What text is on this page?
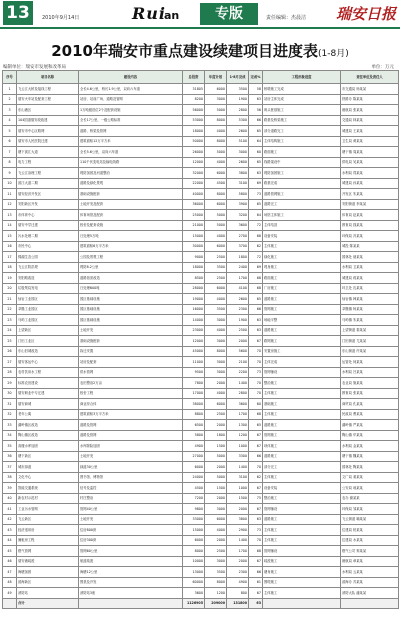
13	2010年9月14日	Rui
an	专版	责任编辑：杰晨洁	瑞安日报
2010年瑞安市重点建设续建项目进度表(1-8月)
编制单位：瑞安市发展和改革局	单位：万元
序号	项目名称	建设内容	总投资	年度计划	1-8月完成	完成%	工程形象进度	责任单位及责任人
1	飞云江大桥及接线工程	全长4.6公里，桥长1.9公里，双向六车道	31805	6000	3500	58	桥墩施工完成	市交通局 杨某某
2	瑞安火车站及配套工程	站房、站前广场、道路及管网	8200	3000	1900	63	站房主体完成	铁路办 陈某某
3	东山港区	1万吨级泊位2个及配套设施	56000	5000	2800	56	码头桩基施工	港航局 张某某
4	104国道瑞安段改建	全长17公里，一级公路标准	53000	8000	5300	66	路基及桥梁施工	交通局 林某某
5	瑞安市中心区路网	道路、桥梁及管网	18000	4000	2600	65	部分道路完工	城建局 王某某
6	瑞安市人民医院迁建	建筑面积12万平方米	50000	8000	5100	64	主体结构施工	卫生局 黄某某
7	塘下滨江大道	全长5.6公里，双向六车道	26000	5000	3000	60	路面施工	塘下镇 周某某
8	电力工程	110千伏变电站及输电线路	12000	4000	2600	65	线路架设中	供电局 吴某某
9	飞云江治理工程	堤防加固及河道整治	32000	6000	3800	63	堤防加固施工	水利局 郑某某
10	滨江大道二期	道路及绿化景观	22000	4500	3100	69	路基完成	城建局 孙某某
11	瑞安经济开发区	基础设施配套	40000	8000	5800	73	道路管网施工	开发区 朱某某
12	安阳新区开发	土地开发及配套	36000	6000	3900	65	道路完工	安阳街道 李某某
13	市体育中心	体育场馆及配套	25000	5000	3200	64	场馆主体施工	体育局 赵某某
14	瑞安中学迁建	校舍及配套设施	21000	5000	3600	72	主体结顶	教育局 钱某某
15	污水处理二期	日处理5万吨	15000	4000	2700	68	设备安装	环保局 冯某某
16	市民中心	建筑面积6万平方米	30000	6000	3700	62	主体施工	城投 陈某某
17	锦湖生态公园	公园及景观工程	9000	2500	1800	72	绿化施工	园林处 褚某某
18	飞云江防洪堤	堤防8.2公里	18000	3500	2400	69	堤身施工	水利局 卫某某
19	安阳路改造	道路拓宽改造	8500	2500	1700	68	路面施工	城建局 蒋某某
20	垃圾焚烧发电	日处理600吨	28000	6000	4100	68	厂房施工	环卫处 沈某某
21	仙岩工业园区	园区基础设施	19000	4000	2600	65	道路施工	仙岩镇 韩某某
22	莘塍工业园区	园区基础设施	16000	3500	2300	66	管网施工	莘塍镇 杨某某
23	马屿工业园区	园区基础设施	14000	3000	1900	63	场地平整	马屿镇 朱某某
24	上望新区	土地开发	23000	4000	2500	63	道路施工	上望街道 秦某某
25	汀田工业区	基础设施配套	12000	3000	2000	67	路网施工	汀田街道 尤某某
26	东山旧城改造	拆迁安置	45000	8000	5600	70	安置房施工	东山街道 许某某
27	瑞安客运中心	站房及配套	11000	3000	2100	70	主体完成	运管处 何某某
28	农村饮用水工程	供水管网	9500	3000	2200	73	管网铺设	水利局 吕某某
29	标准农田建设	农田整治2万亩	7800	2000	1400	70	整治施工	农业局 施某某
30	瑞安职业中专迁建	校舍工程	17000	4000	2800	70	主体施工	教育局 张某某
31	瑞安商城	商业综合体	38000	6000	3600	60	基础施工	商贸局 孔某某
32	老年公寓	建筑面积3万平方米	8800	2500	1700	68	主体施工	民政局 曹某某
33	湖岭镇区改造	道路及管网	6500	2000	1300	65	道路施工	湖岭镇 严某某
34	陶山镇区改造	道路及管网	5800	1800	1200	67	管网施工	陶山镇 华某某
35	高楼水库加固	水库除险加固	4900	1500	1000	67	坝体施工	水利局 金某某
36	塘下新区	土地开发	27000	5000	3300	66	道路施工	塘下镇 魏某某
37	城市绿道	绿道30公里	6000	2000	1400	70	部分完工	园林处 陶某某
38	文化中心	图书馆、博物馆	24000	5000	3100	62	主体施工	文广局 姜某某
39	智能交通系统	信号及监控	4500	1500	1000	67	设备安装	公安局 戚某某
40	新农村示范村	村庄整治	7200	2000	1500	75	整治施工	农办 谢某某
41	工业污水管网	管网40公里	9800	3000	2000	67	管网铺设	环保局 邹某某
42	飞云新区	土地开发	33000	6000	3800	63	道路施工	飞云街道 喻某某
43	经济适用房	住房800套	15000	4000	2900	73	主体施工	住建局 柏某某
44	廉租房工程	住房300套	6000	2000	1400	70	主体施工	住建局 水某某
45	燃气管网	管网60公里	8000	2500	1700	68	管网铺设	燃气公司 窦某某
46	瑞安港疏浚	航道疏浚	10000	3000	2000	67	疏浚施工	港航局 章某某
47	海塘加固	海塘12公里	13000	3500	2300	66	塘身施工	水利局 云某某
48	滨海新区	围垦及开发	60000	8000	4900	61	围堤施工	滨海办 苏某某
49	消防站	消防站3座	3600	1200	800	67	主体施工	消防大队 潘某某
	合计		1126905	209000	131800	63		
